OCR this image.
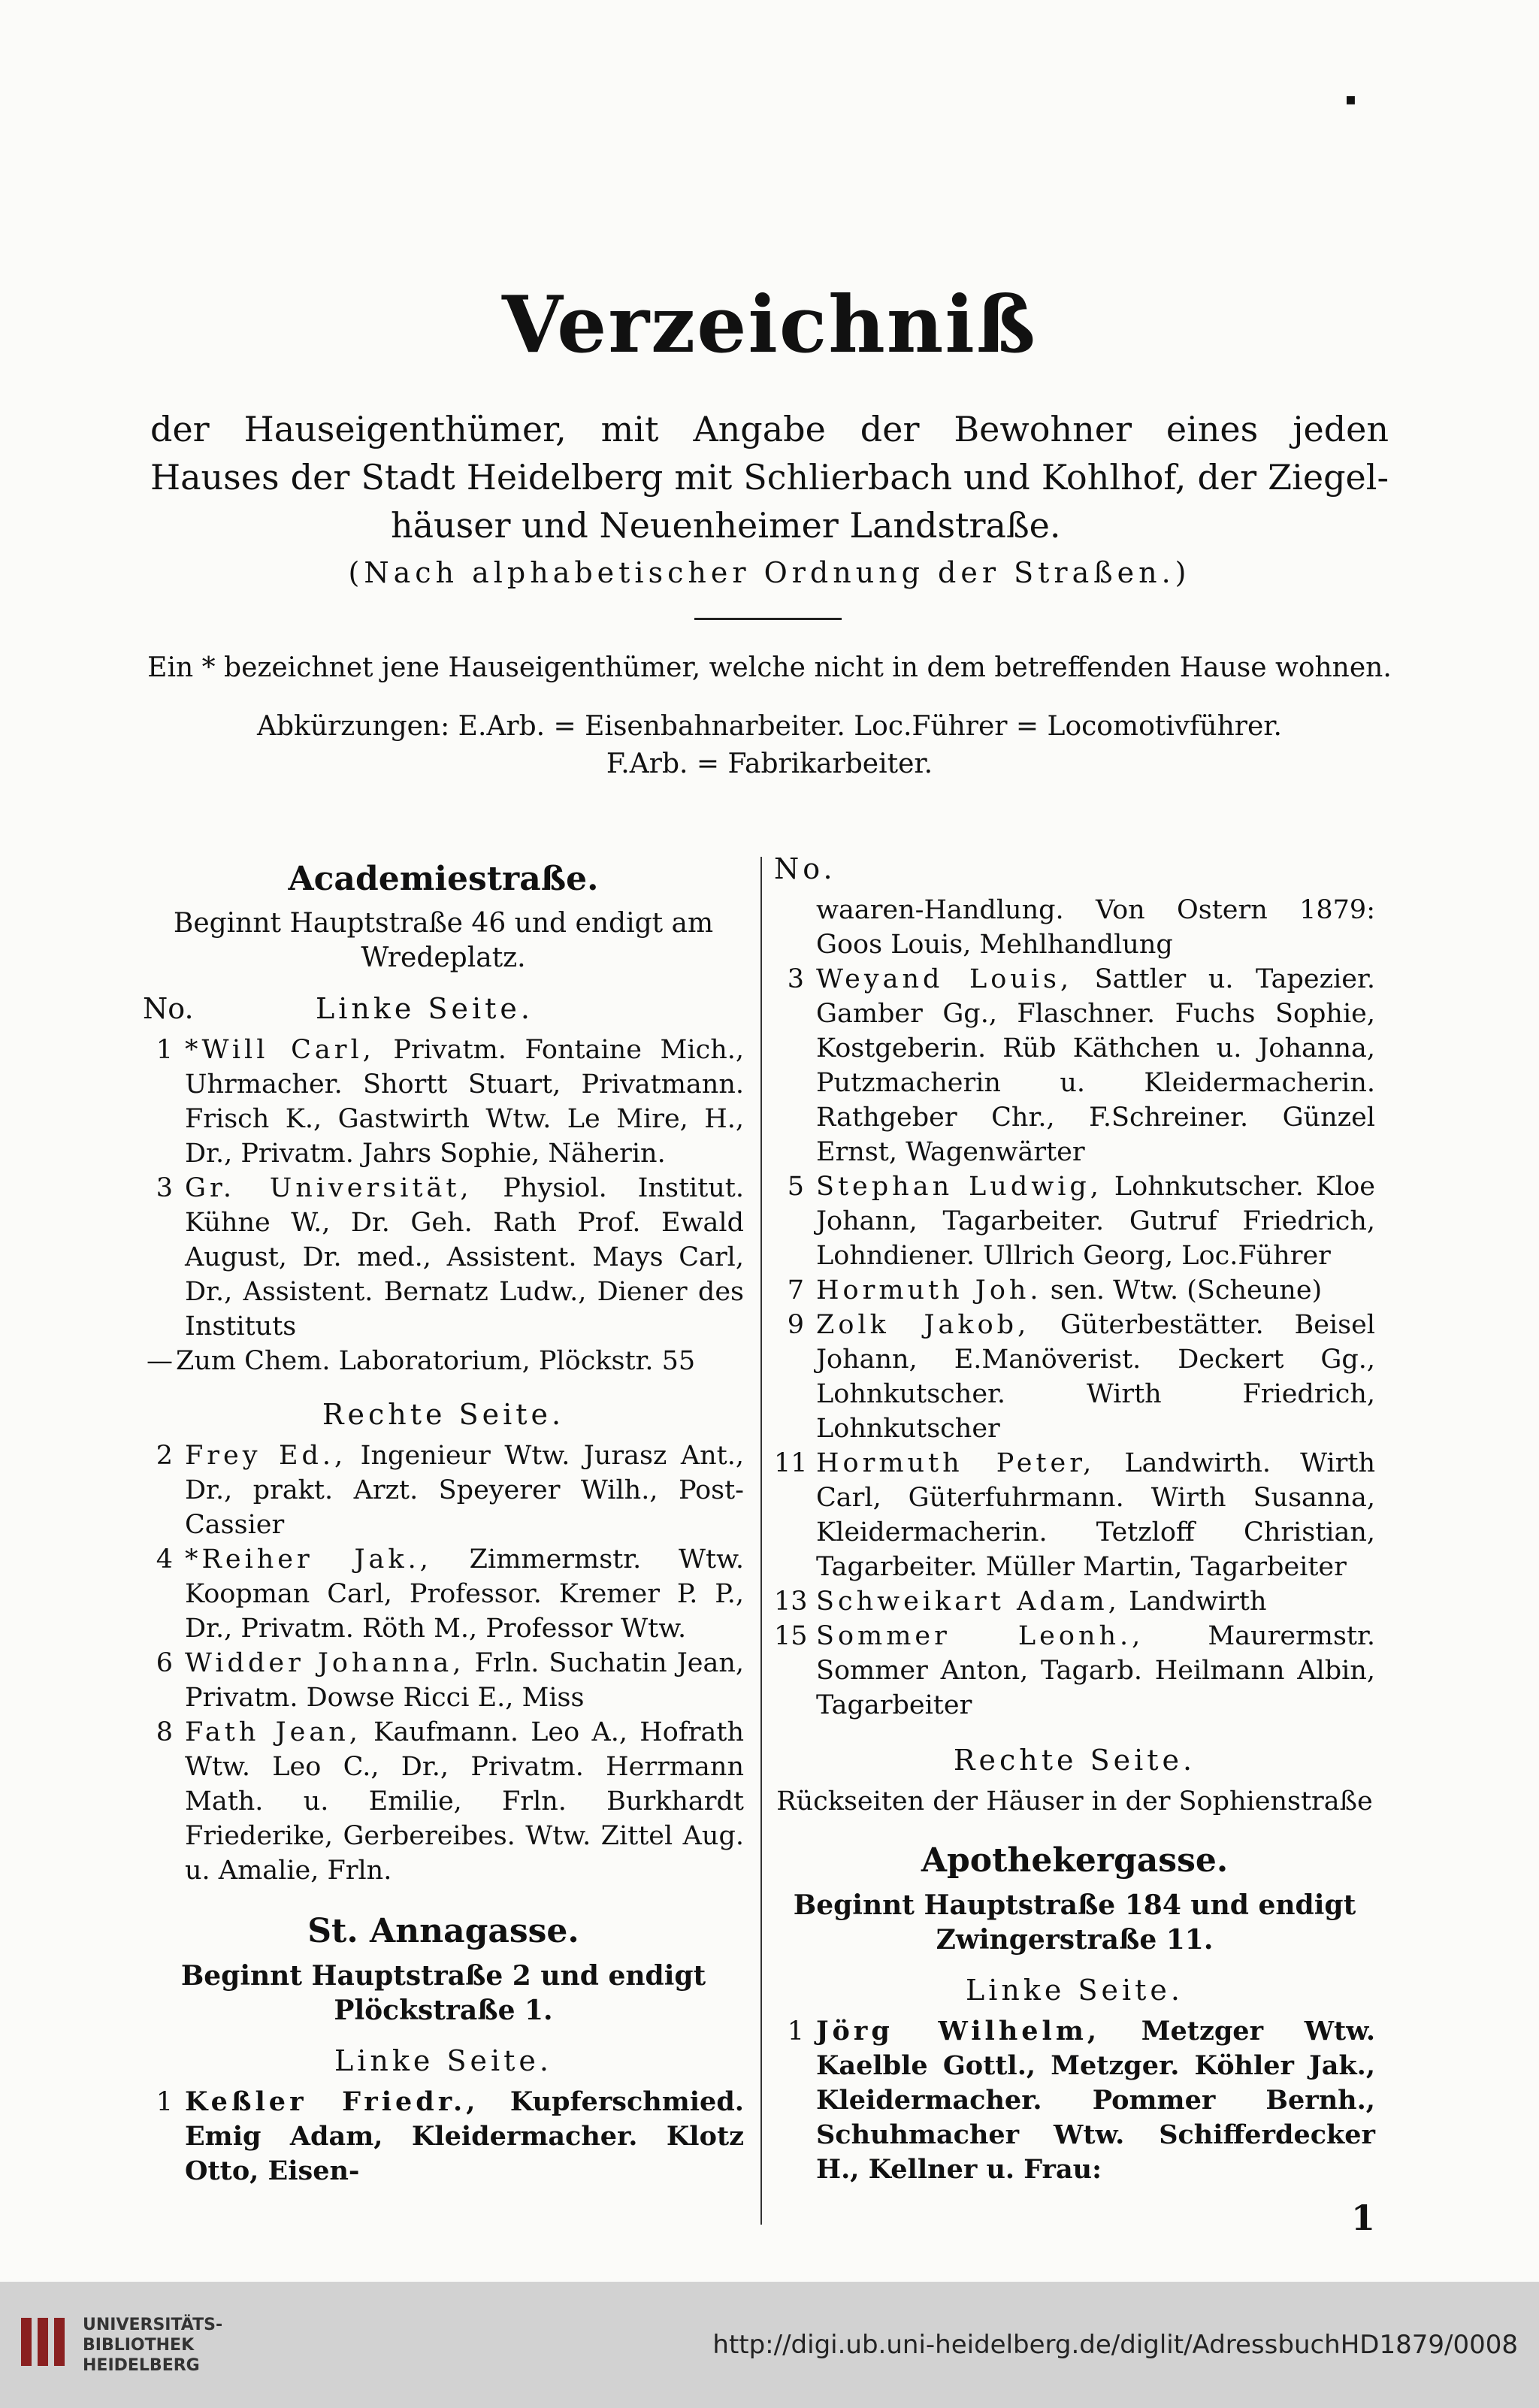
▪
Verzeichniß
der Hauseigenthümer, mit Angabe der Bewohner eines jeden
Hauses der Stadt Heidelberg mit Schlierbach und Kohlhof, der Ziegel-
häuser und Neuenheimer Landstraße.
(Nach alphabetischer Ordnung der Straßen.)
Ein * bezeichnet jene Hauseigenthümer, welche nicht in dem betreffenden Hause wohnen.
Abkürzungen: E.Arb. = Eisenbahnarbeiter. Loc.Führer = Locomotivführer.
F.Arb. = Fabrikarbeiter.
Academiestraße.
Beginnt Hauptstraße 46 und endigt am Wredeplatz.
No.	Linke Seite.
1 *Will Carl, Privatm. Fontaine Mich., Uhrmacher. Shortt Stuart, Privatmann. Frisch K., Gastwirth Wtw. Le Mire, H., Dr., Privatm. Jahrs Sophie, Näherin.
3 Gr. Universität, Physiol. Institut. Kühne W., Dr. Geh. Rath Prof. Ewald August, Dr. med., Assistent. Mays Carl, Dr., Assistent. Bernatz Ludw., Diener des Instituts
— Zum Chem. Laboratorium, Plöckstr. 55
Rechte Seite.
2 Frey Ed., Ingenieur Wtw. Jurasz Ant., Dr., prakt. Arzt. Speyerer Wilh., Post-Cassier
4 *Reiher Jak., Zimmermstr. Wtw. Koopman Carl, Professor. Kremer P. P., Dr., Privatm. Röth M., Professor Wtw.
6 Widder Johanna, Frln. Suchatin Jean, Privatm. Dowse Ricci E., Miss
8 Fath Jean, Kaufmann. Leo A., Hofrath Wtw. Leo C., Dr., Privatm. Herrmann Math. u. Emilie, Frln. Burkhardt Friederike, Gerbereibes. Wtw. Zittel Aug. u. Amalie, Frln.
St. Annagasse.
Beginnt Hauptstraße 2 und endigt Plöckstraße 1.
Linke Seite.
1 Keßler Friedr., Kupferschmied. Emig Adam, Kleidermacher. Klotz Otto, Eisen-
No.
waaren-Handlung. Von Ostern 1879: Goos Louis, Mehlhandlung
3 Weyand Louis, Sattler u. Tapezier. Gamber Gg., Flaschner. Fuchs Sophie, Kostgeberin. Rüb Käthchen u. Johanna, Putzmacherin u. Kleidermacherin. Rathgeber Chr., F.Schreiner. Günzel Ernst, Wagenwärter
5 Stephan Ludwig, Lohnkutscher. Kloe Johann, Tagarbeiter. Gutruf Friedrich, Lohndiener. Ullrich Georg, Loc.Führer
7 Hormuth Joh. sen. Wtw. (Scheune)
9 Zolk Jakob, Güterbestätter. Beisel Johann, E.Manöverist. Deckert Gg., Lohnkutscher. Wirth Friedrich, Lohnkutscher
11 Hormuth Peter, Landwirth. Wirth Carl, Güterfuhrmann. Wirth Susanna, Kleidermacherin. Tetzloff Christian, Tagarbeiter. Müller Martin, Tagarbeiter
13 Schweikart Adam, Landwirth
15 Sommer Leonh., Maurermstr. Sommer Anton, Tagarb. Heilmann Albin, Tagarbeiter
Rechte Seite.
Rückseiten der Häuser in der Sophienstraße
Apothekergasse.
Beginnt Hauptstraße 184 und endigt Zwingerstraße 11.
Linke Seite.
1 Jörg Wilhelm, Metzger Wtw. Kaelble Gottl., Metzger. Köhler Jak., Kleidermacher. Pommer Bernh., Schuhmacher Wtw. Schifferdecker H., Kellner u. Frau:
1
UNIVERSITÄTS-
BIBLIOTHEK
HEIDELBERG
http://digi.ub.uni-heidelberg.de/diglit/AdressbuchHD1879/0008
